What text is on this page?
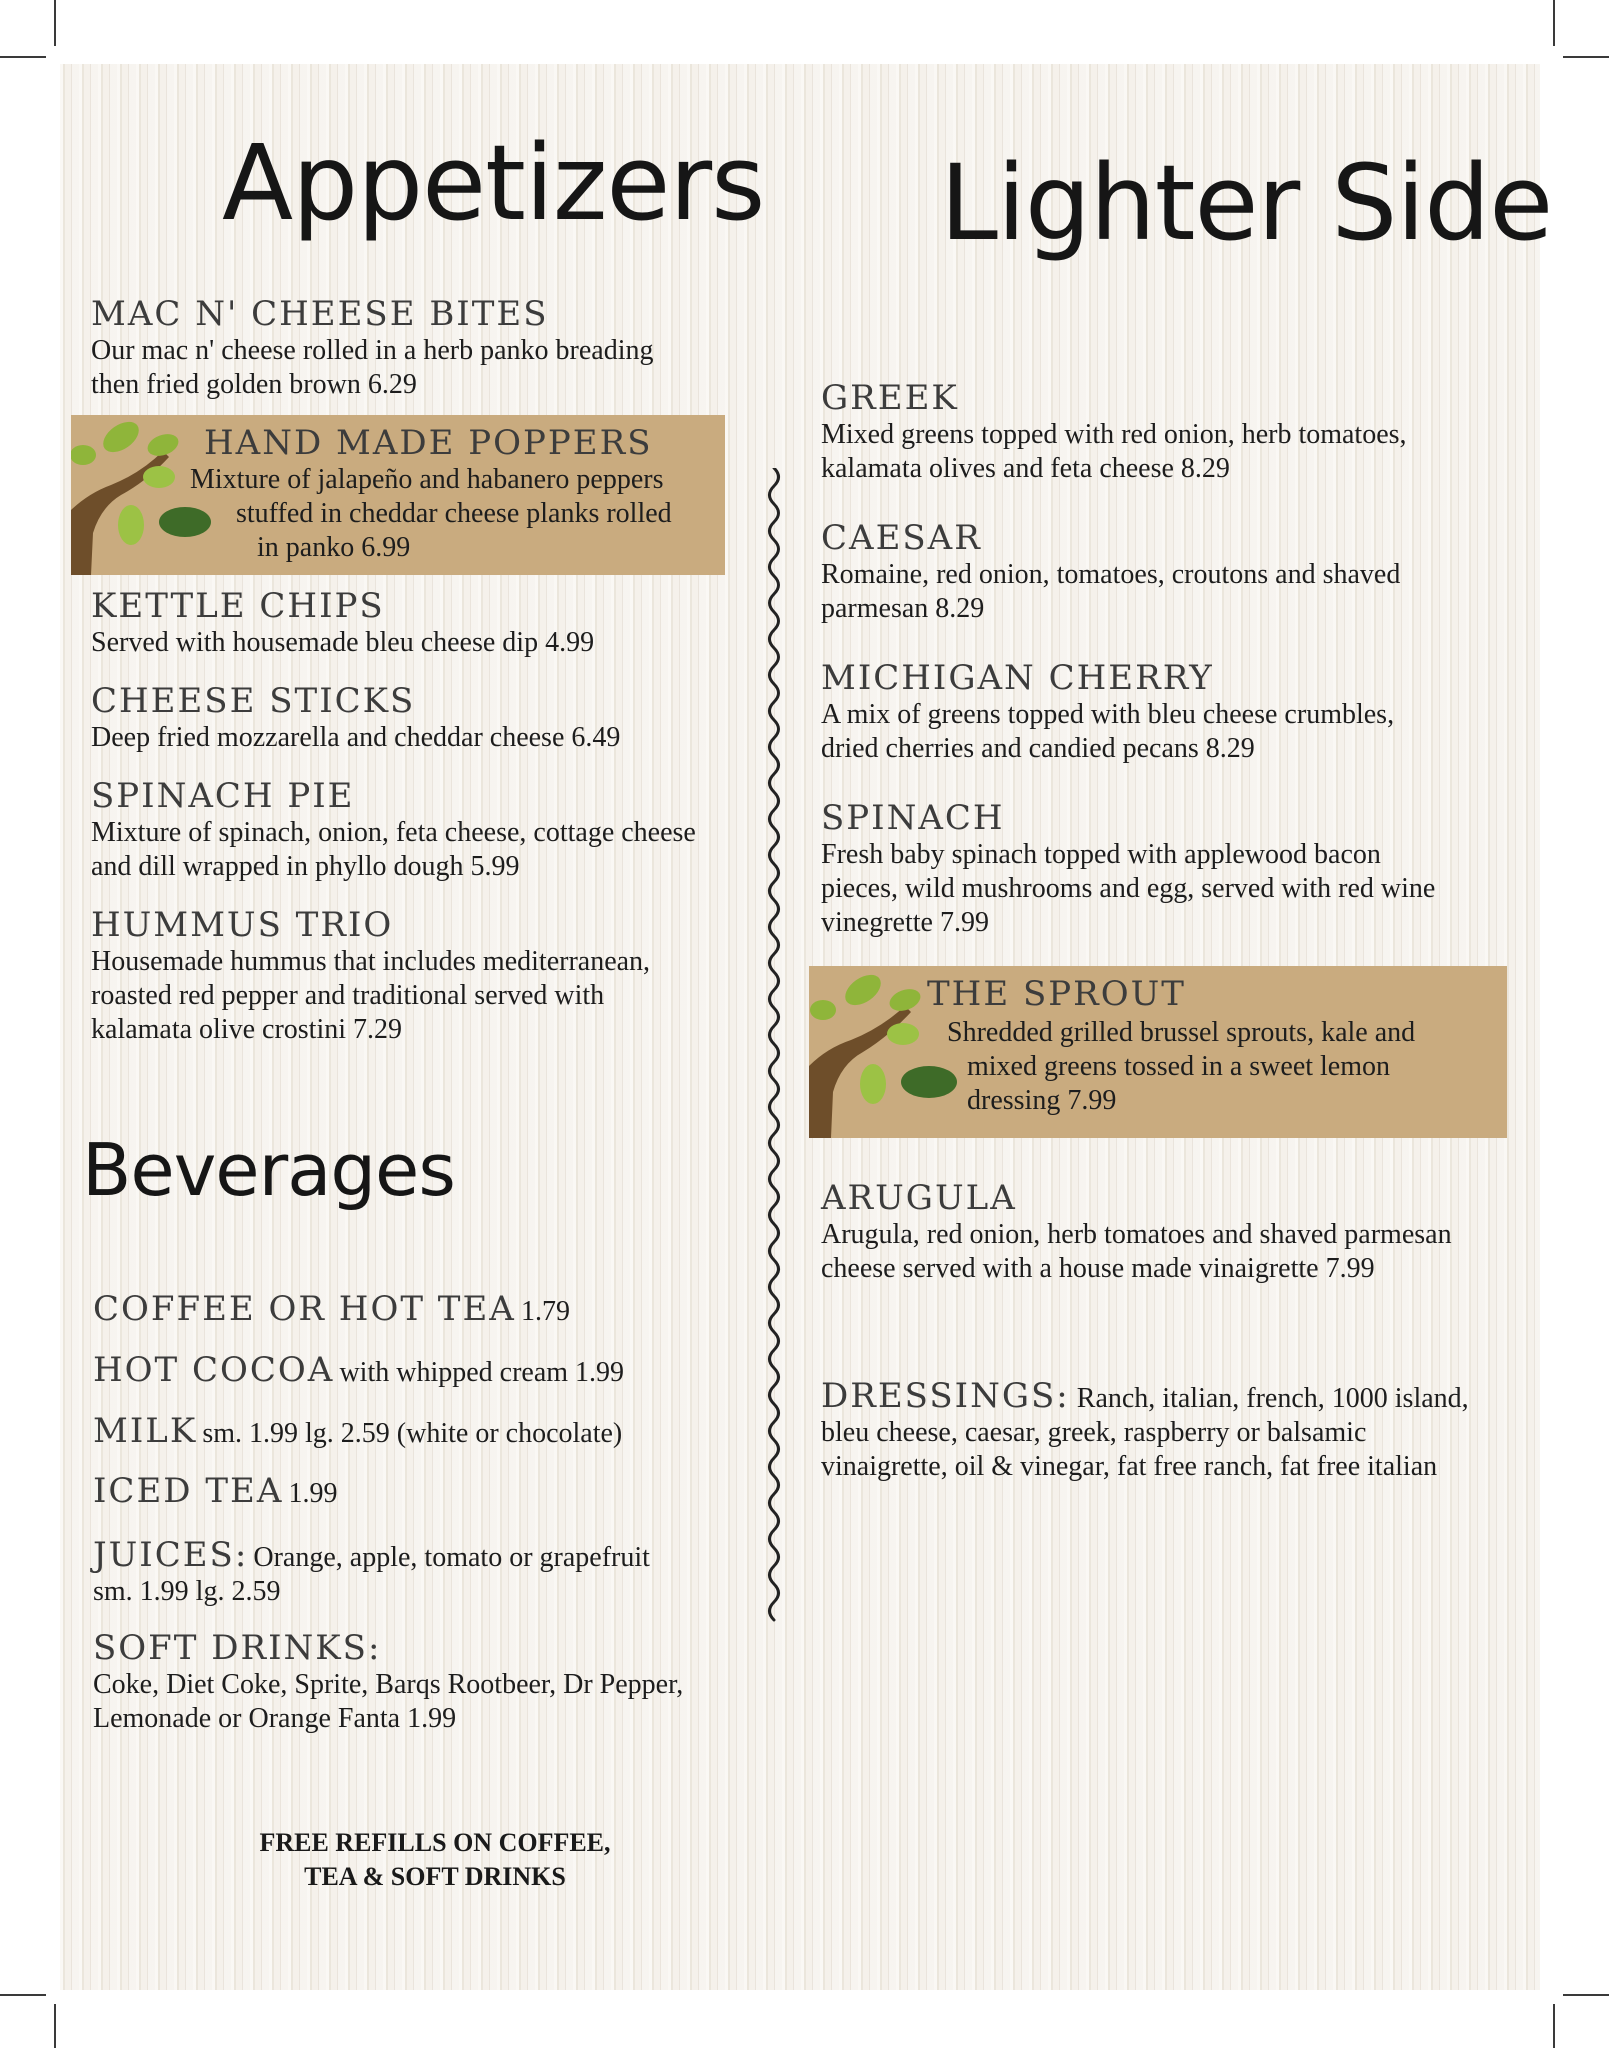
Appetizers Lighter Side
Beverages
MAC N' CHEESE BITES
Our mac n' cheese rolled in a herb panko breading
then fried golden brown 6.29
HAND MADE POPPERS
Mixture of jalapeño and habanero peppers
stuffed in cheddar cheese planks rolled
in panko 6.99
KETTLE CHIPS
Served with housemade bleu cheese dip 4.99
CHEESE STICKS
Deep fried mozzarella and cheddar cheese 6.49
SPINACH PIE
Mixture of spinach, onion, feta cheese, cottage cheese
and dill wrapped in phyllo dough 5.99
HUMMUS TRIO
Housemade hummus that includes mediterranean,
roasted red pepper and traditional served with
kalamata olive crostini 7.29
COFFEE OR HOT TEA 1.79
HOT COCOA with whipped cream 1.99
MILK sm. 1.99 lg. 2.59 (white or chocolate)
ICED TEA 1.99
JUICES: Orange, apple, tomato or grapefruit
sm. 1.99 lg. 2.59
SOFT DRINKS:
Coke, Diet Coke, Sprite, Barqs Rootbeer, Dr Pepper,
Lemonade or Orange Fanta 1.99
FREE REFILLS ON COFFEE,
TEA & SOFT DRINKS
GREEK
Mixed greens topped with red onion, herb tomatoes,
kalamata olives and feta cheese 8.29
CAESAR
Romaine, red onion, tomatoes, croutons and shaved
parmesan 8.29
MICHIGAN CHERRY
A mix of greens topped with bleu cheese crumbles,
dried cherries and candied pecans 8.29
SPINACH
Fresh baby spinach topped with applewood bacon
pieces, wild mushrooms and egg, served with red wine
vinegrette 7.99
THE SPROUT
Shredded grilled brussel sprouts, kale and
mixed greens tossed in a sweet lemon
dressing 7.99
ARUGULA
Arugula, red onion, herb tomatoes and shaved parmesan
cheese served with a house made vinaigrette 7.99
DRESSINGS: Ranch, italian, french, 1000 island,
bleu cheese, caesar, greek, raspberry or balsamic
vinaigrette, oil & vinegar, fat free ranch, fat free italian
